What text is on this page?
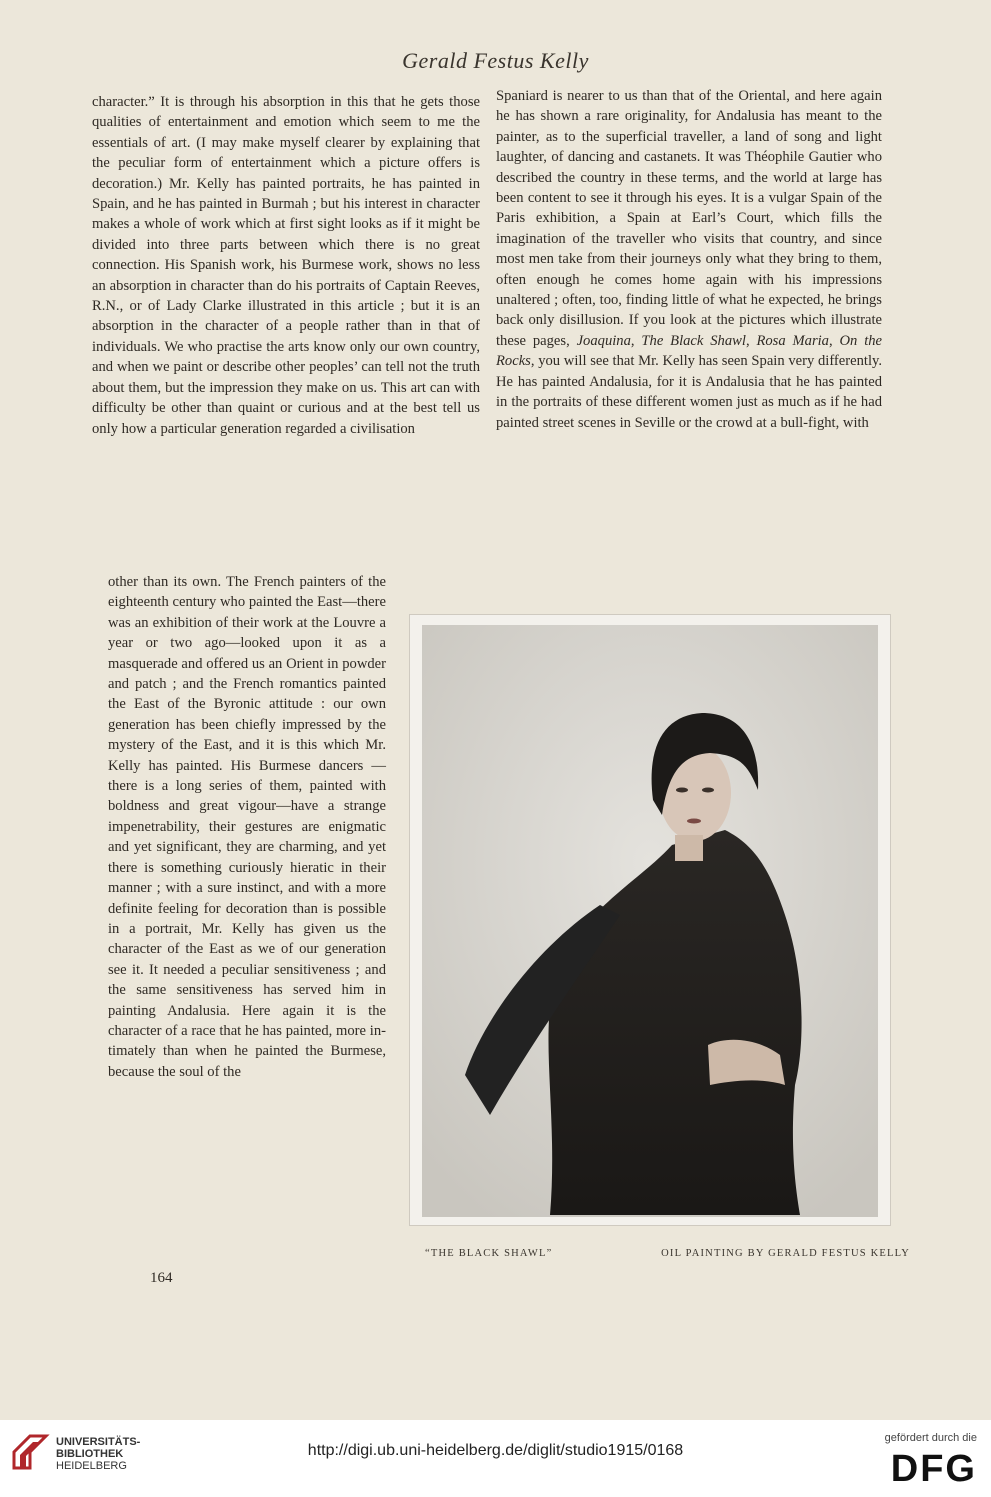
Gerald Festus Kelly

character.” It is through his absorption in this that he gets those qualities of entertainment and emotion which seem to me the essentials of art. (I may make myself clearer by explaining that the peculiar form of entertainment which a picture offers is decoration.) Mr. Kelly has painted portraits, he has painted in Spain, and he has painted in Burmah ; but his interest in character makes a whole of work which at first sight looks as if it might be divided into three parts between which there is no great connection. His Spanish work, his Burmese work, shows no less an absorption in character than do his portraits of Captain Reeves, R.N., or of Lady Clarke illustrated in this article ; but it is an absorption in the character of a people rather than in that of individuals. We who practise the arts know only our own country, and when we paint or describe other peoples’ can tell not the truth about them, but the impression they make on us. This art can with difficulty be other than quaint or curious and at the best tell us only how a particular generation regarded a civilisation

other than its own. The French painters of the eighteenth century who painted the East—there was an exhibition of their work at the Louvre a year or two ago—looked upon it as a masquerade and offered us an Orient in powder and patch ; and the French romantics painted the East of the Byronic attitude : our own generation has been chiefly impressed by the mystery of the East, and it is this which Mr. Kelly has painted. His Burmese dancers —there is a long series of them, painted with boldness and great vigour—have a strange impenetrability, their gestures are enigmatic and yet significant, they are charming, and yet there is something curiously hieratic in their manner ; with a sure instinct, and with a more definite feeling for decoration than is possible in a portrait, Mr. Kelly has given us the character of the East as we of our generation see it. It needed a peculiar sensitiveness ; and the same sensitiveness has served him in painting Andalusia. Here again it is the character of a race that he has painted, more intimately than when he painted the Burmese, because the soul of the

Spaniard is nearer to us than that of the Oriental, and here again he has shown a rare originality, for Andalusia has meant to the painter, as to the superficial traveller, a land of song and light laughter, of dancing and castanets. It was Théophile Gautier who described the country in these terms, and the world at large has been content to see it through his eyes. It is a vulgar Spain of the Paris exhibition, a Spain at Earl’s Court, which fills the imagination of the traveller who visits that country, and since most men take from their journeys only what they bring to them, often enough he comes home again with his impressions unaltered ; often, too, finding little of what he expected, he brings back only disillusion. If you look at the pictures which illustrate these pages, Joaquina, The Black Shawl, Rosa Maria, On the Rocks, you will see that Mr. Kelly has seen Spain very differently. He has painted Andalusia, for it is Andalusia that he has painted in the portraits of these different women just as much as if he had painted street scenes in Seville or the crowd at a bull-fight, with

“THE BLACK SHAWL”	OIL PAINTING BY GERALD FESTUS KELLY
164
UNIVERSITÄTS-
BIBLIOTHEK
HEIDELBERG
http://digi.ub.uni-heidelberg.de/diglit/studio1915/0168
gefördert durch die
DFG
